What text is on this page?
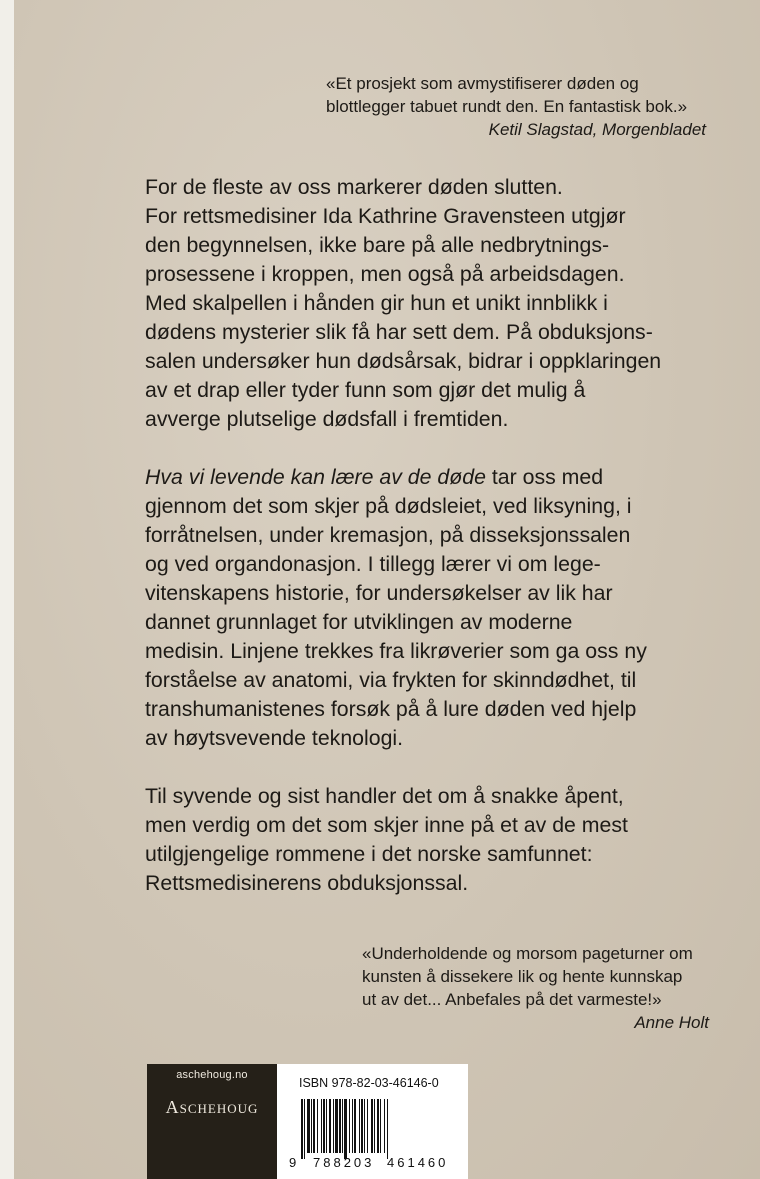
«Et prosjekt som avmystifiserer døden og
blottlegger tabuet rundt den. En fantastisk bok.»
Ketil Slagstad, Morgenbladet

For de fleste av oss markerer døden slutten.
For rettsmedisiner Ida Kathrine Gravensteen utgjør
den begynnelsen, ikke bare på alle nedbrytnings-
prosessene i kroppen, men også på arbeidsdagen.
Med skalpellen i hånden gir hun et unikt innblikk i
dødens mysterier slik få har sett dem. På obduksjons-
salen undersøker hun dødsårsak, bidrar i oppklaringen
av et drap eller tyder funn som gjør det mulig å
avverge plutselige dødsfall i fremtiden.

Hva vi levende kan lære av de døde tar oss med
gjennom det som skjer på dødsleiet, ved liksyning, i
forråtnelsen, under kremasjon, på disseksjonssalen
og ved organdonasjon. I tillegg lærer vi om lege-
vitenskapens historie, for undersøkelser av lik har
dannet grunnlaget for utviklingen av moderne
medisin. Linjene trekkes fra likrøverier som ga oss ny
forståelse av anatomi, via frykten for skinndødhet, til
transhumanistenes forsøk på å lure døden ved hjelp
av høytsvevende teknologi.

Til syvende og sist handler det om å snakke åpent,
men verdig om det som skjer inne på et av de mest
utilgjengelige rommene i det norske samfunnet:
Rettsmedisinerens obduksjonssal.

«Underholdende og morsom pageturner om
kunsten å dissekere lik og hente kunnskap
ut av det... Anbefales på det varmeste!»
Anne Holt
aschehoug.no
Aschehoug
ISBN 978-82-03-46146-0
9 788203 461460
